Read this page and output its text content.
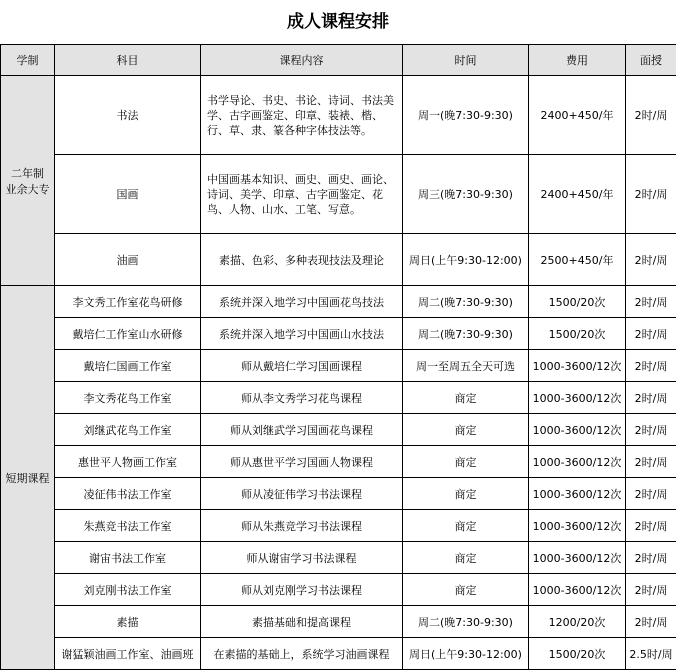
成人课程安排
学制	科目	课程内容	时间	费用	面授
二年制
业余大专	书法	书学导论、书史、书论、诗词、书法美学、古字画鉴定、印章、装裱、楷、行、草、隶、篆各种字体技法等。	周一(晚7:30-9:30)	2400+450/年	2时/周
	国画	中国画基本知识、画史、画史、画论、诗词、美学、印章、古字画鉴定、花鸟、人物、山水、工笔、写意。	周三(晚7:30-9:30)	2400+450/年	2时/周
	油画	素描、色彩、多种表现技法及理论	周日(上午9:30-12:00)	2500+450/年	2时/周
短期课程	李文秀工作室花鸟研修	系统并深入地学习中国画花鸟技法	周二(晚7:30-9:30)	1500/20次	2时/周
	戴培仁工作室山水研修	系统并深入地学习中国画山水技法	周二(晚7:30-9:30)	1500/20次	2时/周
	戴培仁国画工作室	师从戴培仁学习国画课程	周一至周五全天可选	1000-3600/12次	2时/周
	李文秀花鸟工作室	师从李文秀学习花鸟课程	商定	1000-3600/12次	2时/周
	刘继武花鸟工作室	师从刘继武学习国画花鸟课程	商定	1000-3600/12次	2时/周
	惠世平人物画工作室	师从惠世平学习国画人物课程	商定	1000-3600/12次	2时/周
	凌征伟书法工作室	师从凌征伟学习书法课程	商定	1000-3600/12次	2时/周
	朱燕竞书法工作室	师从朱燕竞学习书法课程	商定	1000-3600/12次	2时/周
	谢宙书法工作室	师从谢宙学习书法课程	商定	1000-3600/12次	2时/周
	刘克刚书法工作室	师从刘克刚学习书法课程	商定	1000-3600/12次	2时/周
	素描	素描基础和提高课程	周二(晚7:30-9:30)	1200/20次	2时/周
	谢猛颖油画工作室、油画班	在素描的基础上，系统学习油画课程	周日(上午9:30-12:00)	1500/20次	2.5时/周
